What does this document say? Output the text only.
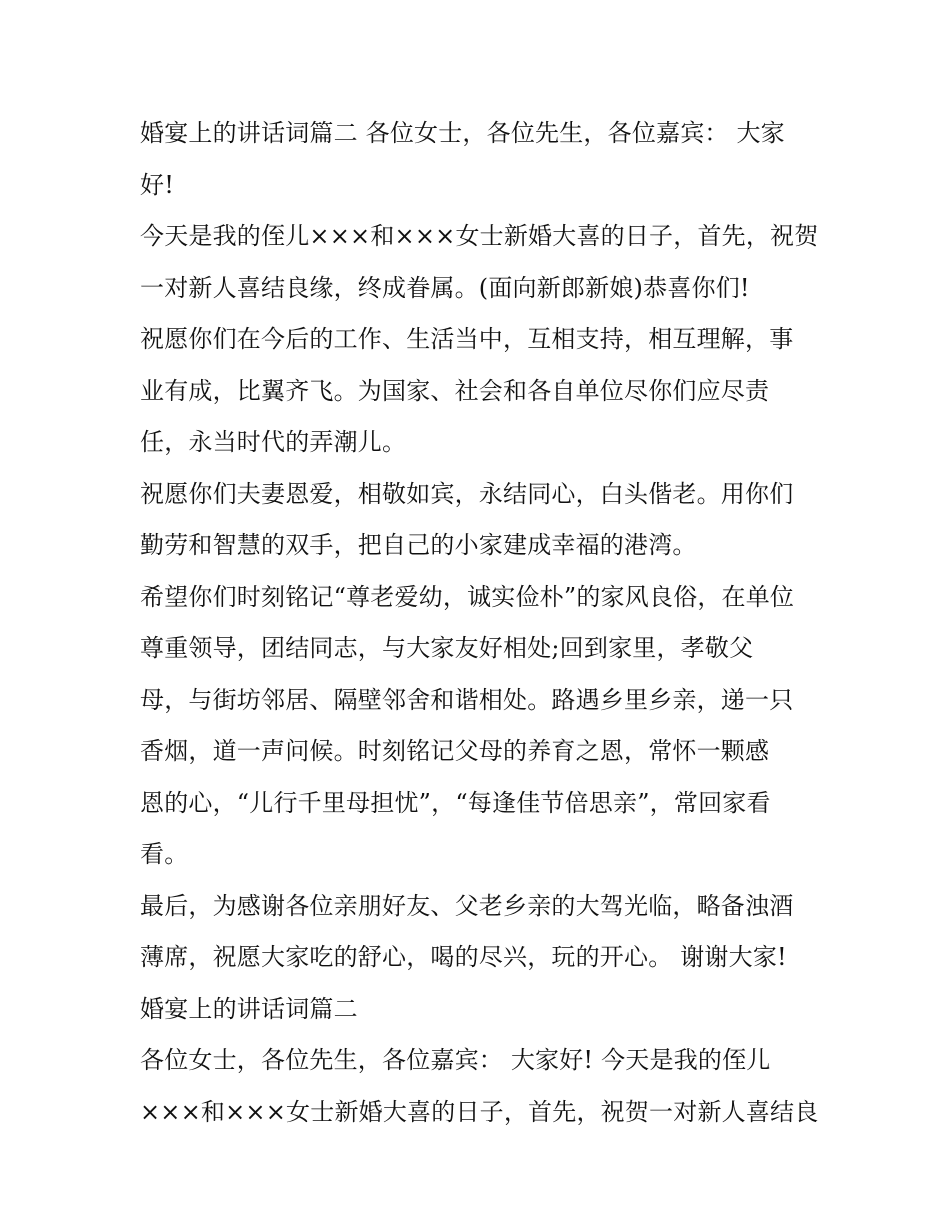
婚宴上的讲话词篇二 各位女士，各位先生，各位嘉宾： 大家
好!
今天是我的侄儿×××和×××女士新婚大喜的日子，首先，祝贺
一对新人喜结良缘，终成眷属。(面向新郎新娘)恭喜你们!
祝愿你们在今后的工作、生活当中，互相支持，相互理解，事
业有成，比翼齐飞。为国家、社会和各自单位尽你们应尽责
任，永当时代的弄潮儿。
祝愿你们夫妻恩爱，相敬如宾，永结同心，白头偕老。用你们
勤劳和智慧的双手，把自己的小家建成幸福的港湾。
希望你们时刻铭记“尊老爱幼，诚实俭朴”的家风良俗，在单位
尊重领导，团结同志，与大家友好相处;回到家里，孝敬父
母，与街坊邻居、隔壁邻舍和谐相处。路遇乡里乡亲，递一只
香烟，道一声问候。时刻铭记父母的养育之恩，常怀一颗感
恩的心，“儿行千里母担忧”，“每逢佳节倍思亲”，常回家看
看。
最后，为感谢各位亲朋好友、父老乡亲的大驾光临，略备浊酒
薄席，祝愿大家吃的舒心，喝的尽兴，玩的开心。 谢谢大家!
婚宴上的讲话词篇二
各位女士，各位先生，各位嘉宾： 大家好! 今天是我的侄儿
×××和×××女士新婚大喜的日子，首先，祝贺一对新人喜结良
